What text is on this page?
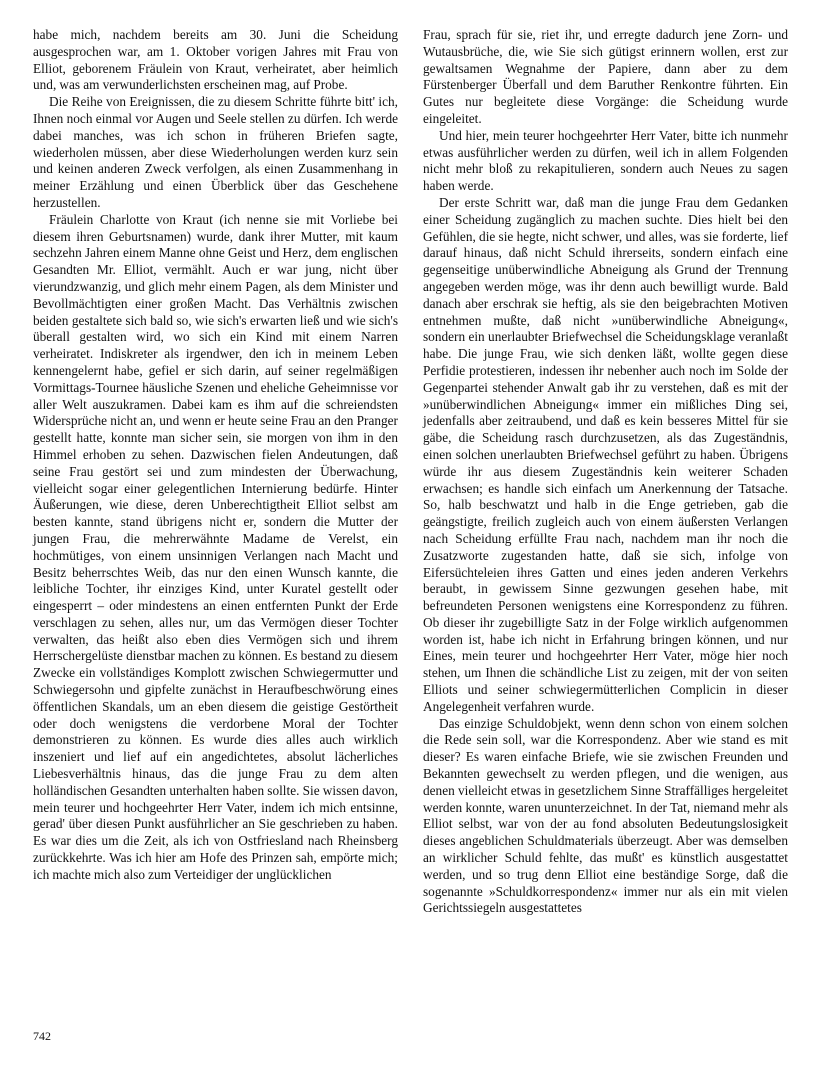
habe mich, nachdem bereits am 30. Juni die Scheidung ausgesprochen war, am 1. Oktober vorigen Jahres mit Frau von Elliot, geborenem Fräulein von Kraut, verheiratet, aber heimlich und, was am verwunderlichsten erscheinen mag, auf Probe.

Die Reihe von Ereignissen, die zu diesem Schritte führte bitt' ich, Ihnen noch einmal vor Augen und Seele stellen zu dürfen. Ich werde dabei manches, was ich schon in früheren Briefen sagte, wiederholen müssen, aber diese Wiederholungen werden kurz sein und keinen anderen Zweck verfolgen, als einen Zusammenhang in meiner Erzählung und einen Überblick über das Geschehene herzustellen.

Fräulein Charlotte von Kraut (ich nenne sie mit Vorliebe bei diesem ihren Geburtsnamen) wurde, dank ihrer Mutter, mit kaum sechzehn Jahren einem Manne ohne Geist und Herz, dem englischen Gesandten Mr. Elliot, vermählt. Auch er war jung, nicht über vierundzwanzig, und glich mehr einem Pagen, als dem Minister und Bevollmächtigten einer großen Macht. Das Verhältnis zwischen beiden gestaltete sich bald so, wie sich's erwarten ließ und wie sich's überall gestalten wird, wo sich ein Kind mit einem Narren verheiratet. Indiskreter als irgendwer, den ich in meinem Leben kennengelernt habe, gefiel er sich darin, auf seiner regelmäßigen Vormittags-Tournee häusliche Szenen und eheliche Geheimnisse vor aller Welt auszukramen. Dabei kam es ihm auf die schreiendsten Widersprüche nicht an, und wenn er heute seine Frau an den Pranger gestellt hatte, konnte man sicher sein, sie morgen von ihm in den Himmel erhoben zu sehen. Dazwischen fielen Andeutungen, daß seine Frau gestört sei und zum mindesten der Überwachung, vielleicht sogar einer gelegentlichen Internierung bedürfe. Hinter Äußerungen, wie diese, deren Unberechtigtheit Elliot selbst am besten kannte, stand übrigens nicht er, sondern die Mutter der jungen Frau, die mehrerwähnte Madame de Verelst, ein hochmütiges, von einem unsinnigen Verlangen nach Macht und Besitz beherrschtes Weib, das nur den einen Wunsch kannte, die leibliche Tochter, ihr einziges Kind, unter Kuratel gestellt oder eingesperrt – oder mindestens an einen entfernten Punkt der Erde verschlagen zu sehen, alles nur, um das Vermögen dieser Tochter verwalten, das heißt also eben dies Vermögen sich und ihrem Herrschergelüste dienstbar machen zu können. Es bestand zu diesem Zwecke ein vollständiges Komplott zwischen Schwiegermutter und Schwiegersohn und gipfelte zunächst in Heraufbeschwörung eines öffentlichen Skandals, um an eben diesem die geistige Gestörtheit oder doch wenigstens die verdorbene Moral der Tochter demonstrieren zu können. Es wurde dies alles auch wirklich inszeniert und lief auf ein angedichtetes, absolut lächerliches Liebesverhältnis hinaus, das die junge Frau zu dem alten holländischen Gesandten unterhalten haben sollte. Sie wissen davon, mein teurer und hochgeehrter Herr Vater, indem ich mich entsinne, gerad' über diesen Punkt ausführlicher an Sie geschrieben zu haben. Es war dies um die Zeit, als ich von Ostfriesland nach Rheinsberg zurückkehrte. Was ich hier am Hofe des Prinzen sah, empörte mich; ich machte mich also zum Verteidiger der unglücklichen

Frau, sprach für sie, riet ihr, und erregte dadurch jene Zorn- und Wutausbrüche, die, wie Sie sich gütigst erinnern wollen, erst zur gewaltsamen Wegnahme der Papiere, dann aber zu dem Fürstenberger Überfall und dem Baruther Renkontre führten. Ein Gutes nur begleitete diese Vorgänge: die Scheidung wurde eingeleitet.

Und hier, mein teurer hochgeehrter Herr Vater, bitte ich nunmehr etwas ausführlicher werden zu dürfen, weil ich in allem Folgenden nicht mehr bloß zu rekapitulieren, sondern auch Neues zu sagen haben werde.

Der erste Schritt war, daß man die junge Frau dem Gedanken einer Scheidung zugänglich zu machen suchte. Dies hielt bei den Gefühlen, die sie hegte, nicht schwer, und alles, was sie forderte, lief darauf hinaus, daß nicht Schuld ihrerseits, sondern einfach eine gegenseitige unüberwindliche Abneigung als Grund der Trennung angegeben werden möge, was ihr denn auch bewilligt wurde. Bald danach aber erschrak sie heftig, als sie den beigebrachten Motiven entnehmen mußte, daß nicht »unüberwindliche Abneigung«, sondern ein unerlaubter Briefwechsel die Scheidungsklage veranlaßt habe. Die junge Frau, wie sich denken läßt, wollte gegen diese Perfidie protestieren, indessen ihr nebenher auch noch im Solde der Gegenpartei stehender Anwalt gab ihr zu verstehen, daß es mit der »unüberwindlichen Abneigung« immer ein mißliches Ding sei, jedenfalls aber zeitraubend, und daß es kein besseres Mittel für sie gäbe, die Scheidung rasch durchzusetzen, als das Zugeständnis, einen solchen unerlaubten Briefwechsel geführt zu haben. Übrigens würde ihr aus diesem Zugeständnis kein weiterer Schaden erwachsen; es handle sich einfach um Anerkennung der Tatsache. So, halb beschwatzt und halb in die Enge getrieben, gab die geängstigte, freilich zugleich auch von einem äußersten Verlangen nach Scheidung erfüllte Frau nach, nachdem man ihr noch die Zusatzworte zugestanden hatte, daß sie sich, infolge von Eifersüchteleien ihres Gatten und eines jeden anderen Verkehrs beraubt, in gewissem Sinne gezwungen gesehen habe, mit befreundeten Personen wenigstens eine Korrespondenz zu führen. Ob dieser ihr zugebilligte Satz in der Folge wirklich aufgenommen worden ist, habe ich nicht in Erfahrung bringen können, und nur Eines, mein teurer und hochgeehrter Herr Vater, möge hier noch stehen, um Ihnen die schändliche List zu zeigen, mit der von seiten Elliots und seiner schwiegermütterlichen Complicin in dieser Angelegenheit verfahren wurde.

Das einzige Schuldobjekt, wenn denn schon von einem solchen die Rede sein soll, war die Korrespondenz. Aber wie stand es mit dieser? Es waren einfache Briefe, wie sie zwischen Freunden und Bekannten gewechselt zu werden pflegen, und die wenigen, aus denen vielleicht etwas in gesetzlichem Sinne Straffälliges hergeleitet werden konnte, waren ununterzeichnet. In der Tat, niemand mehr als Elliot selbst, war von der au fond absoluten Bedeutungslosigkeit dieses angeblichen Schuldmaterials überzeugt. Aber was demselben an wirklicher Schuld fehlte, das mußt' es künstlich ausgestattet werden, und so trug denn Elliot eine beständige Sorge, daß die sogenannte »Schuldkorrespondenz« immer nur als ein mit vielen Gerichtssiegeln ausgestattetes

742
